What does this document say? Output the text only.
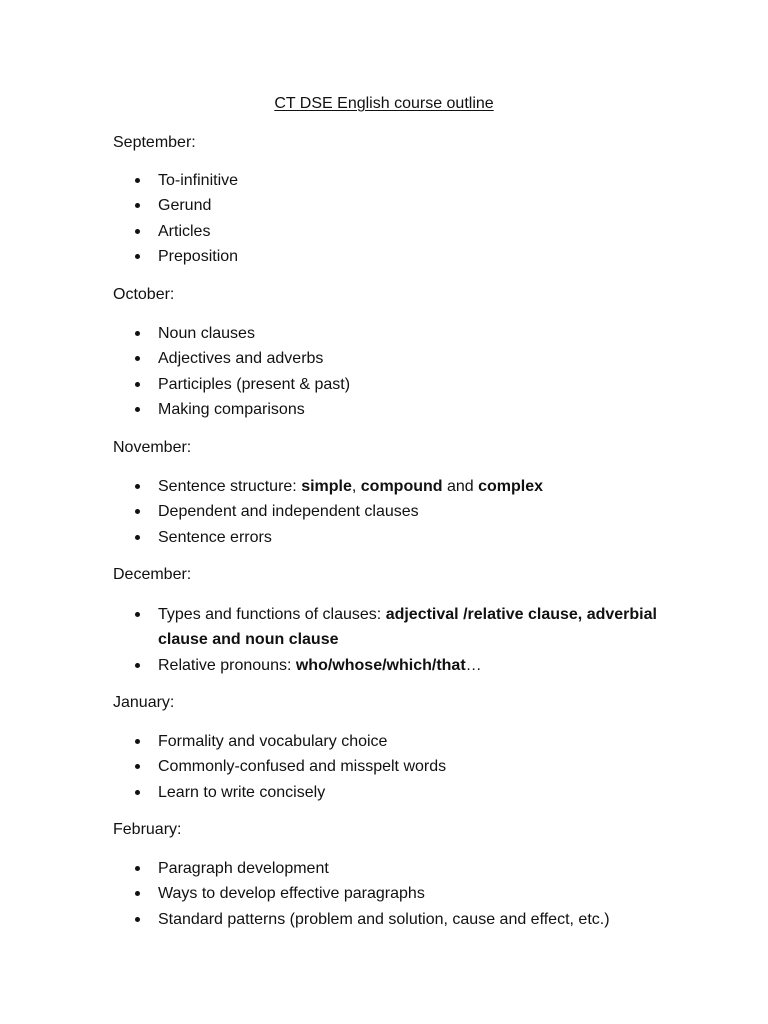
CT DSE English course outline

September:

To-infinitive
Gerund
Articles
Preposition

October:

Noun clauses
Adjectives and adverbs
Participles (present & past)
Making comparisons

November:

Sentence structure: simple, compound and complex
Dependent and independent clauses
Sentence errors

December:

Types and functions of clauses: adjectival /relative clause, adverbial clause and noun clause
Relative pronouns: who/whose/which/that…

January:

Formality and vocabulary choice
Commonly-confused and misspelt words
Learn to write concisely

February:

Paragraph development
Ways to develop effective paragraphs
Standard patterns (problem and solution, cause and effect, etc.)
